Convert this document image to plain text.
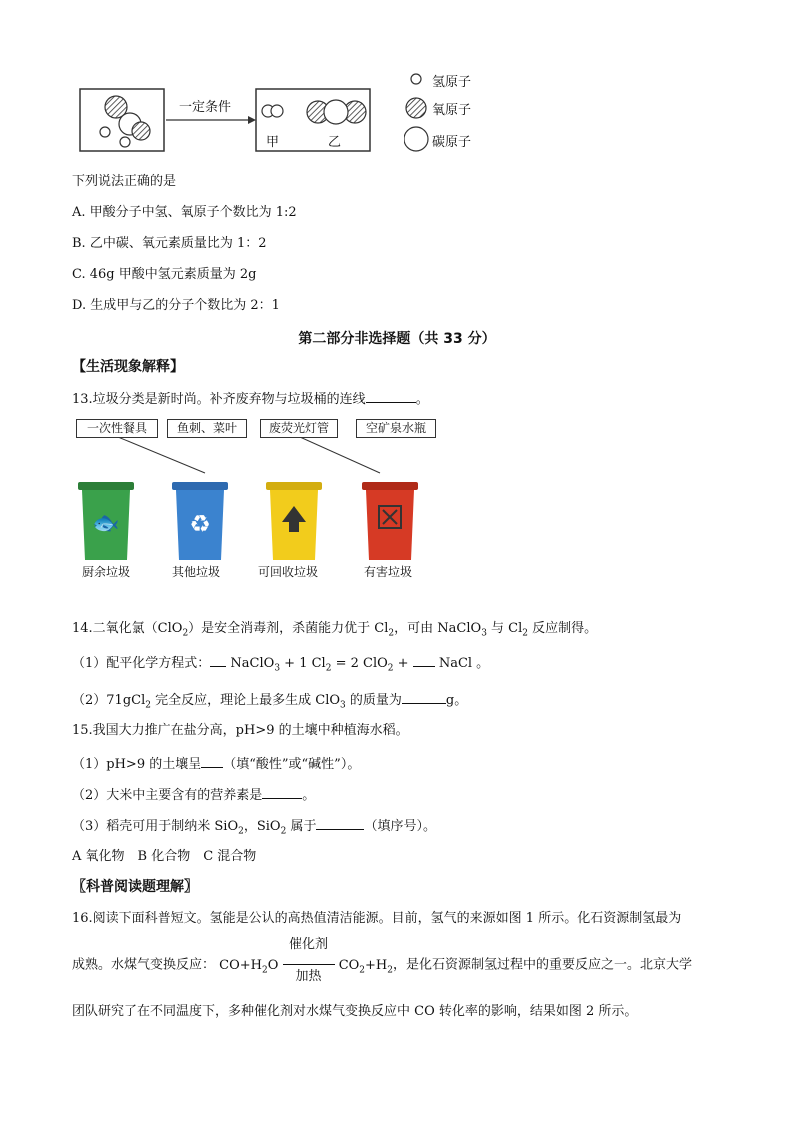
一定条件
甲	乙
氢原子
氧原子
碳原子
下列说法正确的是
A. 甲酸分子中氢、氧原子个数比为 1:2
B. 乙中碳、氧元素质量比为 1：2
C. 46g 甲酸中氢元素质量为 2g
D. 生成甲与乙的分子个数比为 2：1
第二部分非选择题（共 33 分）
【生活现象解释】
13.垃圾分类是新时尚。补齐废弃物与垃圾桶的连线	。
一次性餐具	鱼刺、菜叶	废荧光灯管	空矿泉水瓶
🐟	♻
厨余垃圾	其他垃圾	可回收垃圾	有害垃圾
14.二氧化氯（ClO$_2$）是安全消毒剂，杀菌能力优于 $Cl_2$，可由 NaClO$_3$ 与 $Cl_2$ 反应制得。
（1）配平化学方程式： NaClO$_3$ + 1 $Cl_2 = 2$ ClO$_2$ +  NaCl 。
（2）71gCl$_2$ 完全反应，理论上最多生成 ClO$_3$ 的质量为	g。
15.我国大力推广在盐分高，pH>9 的土壤中种植海水稻。
（1）pH>9 的土壤呈 （填“酸性”或“碱性”）。
（2）大米中主要含有的营养素是	。
（3）稻壳可用于制纳米 SiO$_2$，SiO$_2$ 属于	（填序号）。
A 氧化物　B 化合物　C 混合物
〖科普阅读题理解〗
16.阅读下面科普短文。氢能是公认的高热值清洁能源。目前，氢气的来源如图 1 所示。化石资源制氢最为
成熟。水煤气变换反应： $CO+H_2O$
催化剂
加热
$CO_2+H_2$，是化石资源制氢过程中的重要反应之一。北京大学
团队研究了在不同温度下，多种催化剂对水煤气变换反应中 CO 转化率的影响，结果如图 2 所示。
